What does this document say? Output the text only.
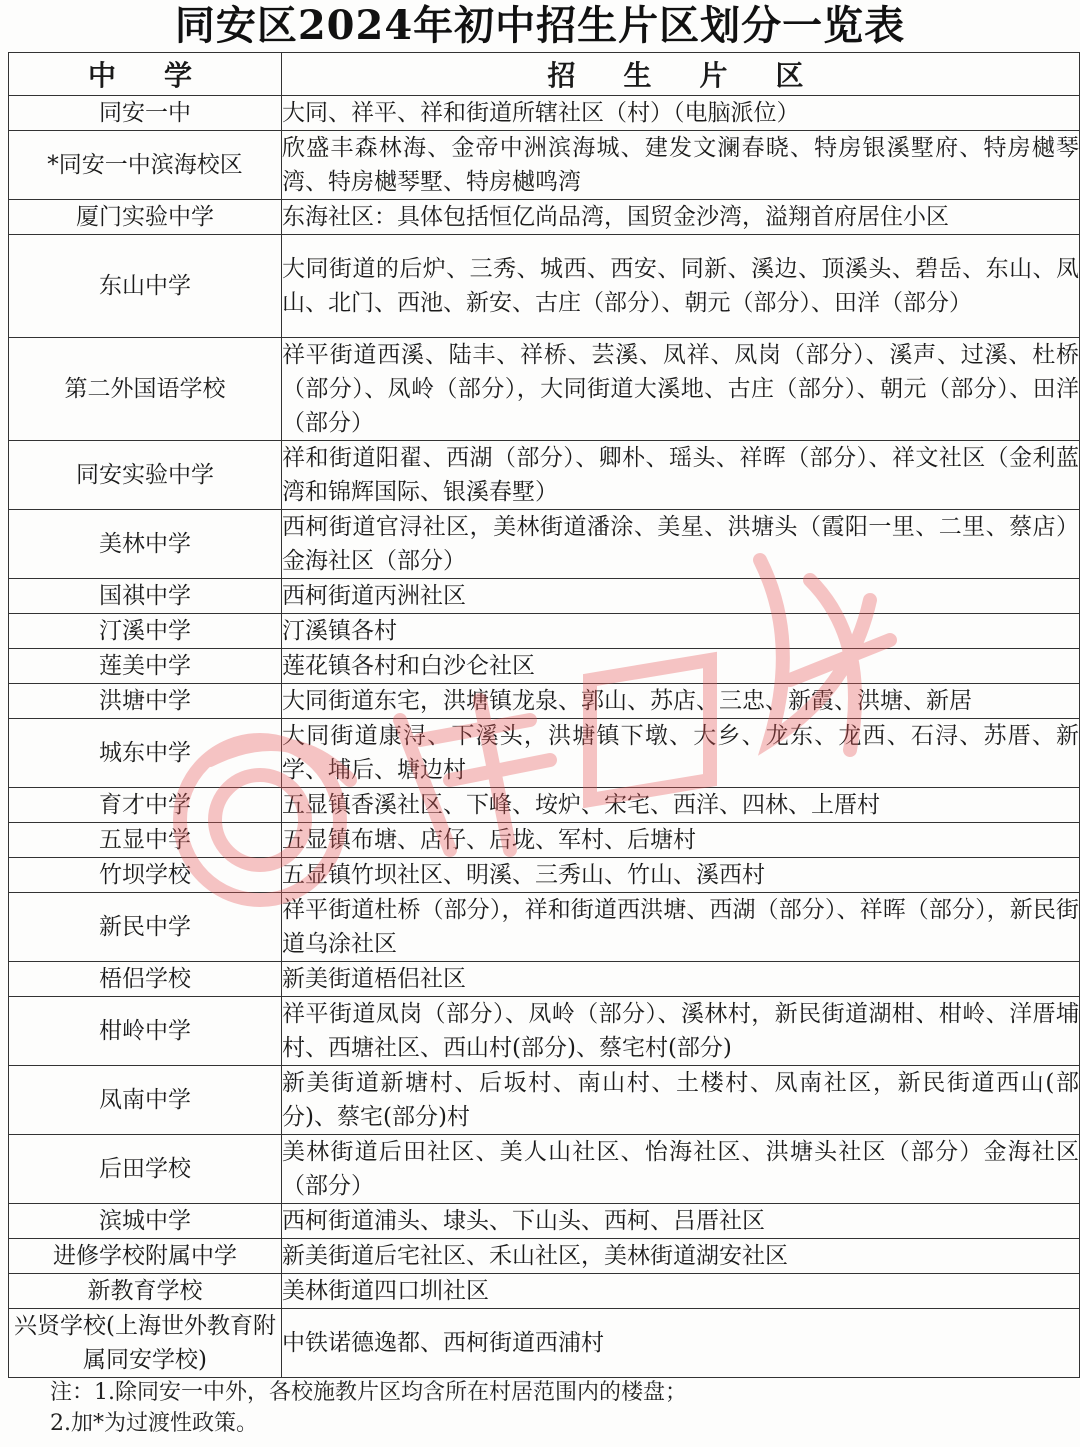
同安区2024年初中招生片区划分一览表
中　学	招　生　片　区
同安一中	大同、祥平、祥和街道所辖社区（村）（电脑派位）
*同安一中滨海校区	欣盛丰森林海、金帝中洲滨海城、建发文澜春晓、特房银溪墅府、特房樾琴湾、特房樾琴墅、特房樾鸣湾
厦门实验中学	东海社区：具体包括恒亿尚品湾，国贸金沙湾，溢翔首府居住小区
东山中学	大同街道的后炉、三秀、城西、西安、同新、溪边、顶溪头、碧岳、东山、凤山、北门、西池、新安、古庄（部分）、朝元（部分）、田洋（部分）
第二外国语学校	祥平街道西溪、陆丰、祥桥、芸溪、凤祥、凤岗（部分）、溪声、过溪、杜桥（部分）、凤岭（部分），大同街道大溪地、古庄（部分）、朝元（部分）、田洋（部分）
同安实验中学	祥和街道阳翟、西湖（部分）、卿朴、瑶头、祥晖（部分）、祥文社区（金利蓝湾和锦辉国际、银溪春墅）
美林中学	西柯街道官浔社区，美林街道潘涂、美星、洪塘头（霞阳一里、二里、蔡店）金海社区（部分）
国祺中学	西柯街道丙洲社区
汀溪中学	汀溪镇各村
莲美中学	莲花镇各村和白沙仑社区
洪塘中学	大同街道东宅，洪塘镇龙泉、郭山、苏店、三忠、新霞、洪塘、新居
城东中学	大同街道康浔、下溪头，洪塘镇下墩、大乡、龙东、龙西、石浔、苏厝、新学、埔后、塘边村
育才中学	五显镇香溪社区、下峰、垵炉、宋宅、西洋、四林、上厝村
五显中学	五显镇布塘、店仔、后垅、军村、后塘村
竹坝学校	五显镇竹坝社区、明溪、三秀山、竹山、溪西村
新民中学	祥平街道杜桥（部分），祥和街道西洪塘、西湖（部分）、祥晖（部分），新民街道乌涂社区
梧侣学校	新美街道梧侣社区
柑岭中学	祥平街道凤岗（部分）、凤岭（部分）、溪林村，新民街道湖柑、柑岭、洋厝埔村、西塘社区、西山村(部分)、蔡宅村(部分)
凤南中学	新美街道新塘村、后坂村、南山村、土楼村、凤南社区，新民街道西山(部分)、蔡宅(部分)村
后田学校	美林街道后田社区、美人山社区、怡海社区、洪塘头社区（部分）金海社区（部分）
滨城中学	西柯街道浦头、埭头、下山头、西柯、吕厝社区
进修学校附属中学	新美街道后宅社区、禾山社区，美林街道湖安社区
新教育学校	美林街道四口圳社区
兴贤学校(上海世外教育附属同安学校)	中铁诺德逸都、西柯街道西浦村
注：1.除同安一中外，各校施教片区均含所在村居范围内的楼盘；
2.加*为过渡性政策。
